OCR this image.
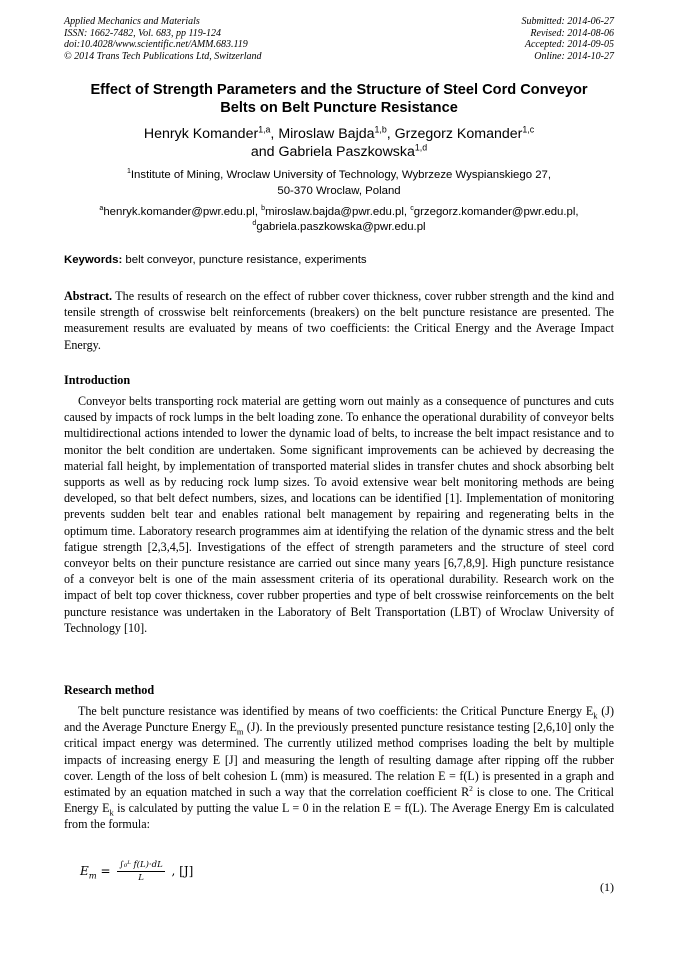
Applied Mechanics and Materials
ISSN: 1662-7482, Vol. 683, pp 119-124
doi:10.4028/www.scientific.net/AMM.683.119
© 2014 Trans Tech Publications Ltd, Switzerland
Submitted: 2014-06-27
Revised: 2014-08-06
Accepted: 2014-09-05
Online: 2014-10-27
Effect of Strength Parameters and the Structure of Steel Cord Conveyor
Belts on Belt Puncture Resistance
Henryk Komander$^{1,a}$, Miroslaw Bajda$^{1,b}$, Grzegorz Komander$^{1,c}$
and Gabriela Paszkowska$^{1,d}$
$^1$Institute of Mining, Wroclaw University of Technology, Wybrzeze Wyspianskiego 27,
50-370 Wroclaw, Poland
$^a$henryk.komander@pwr.edu.pl, $^b$miroslaw.bajda@pwr.edu.pl, $^c$grzegorz.komander@pwr.edu.pl,
$^d$gabriela.paszkowska@pwr.edu.pl
Keywords: belt conveyor, puncture resistance, experiments
Abstract. The results of research on the effect of rubber cover thickness, cover rubber strength and the kind and tensile strength of crosswise belt reinforcements (breakers) on the belt puncture resistance are presented. The measurement results are evaluated by means of two coefficients: the Critical Energy and the Average Impact Energy.
Introduction
Conveyor belts transporting rock material are getting worn out mainly as a consequence of punctures and cuts caused by impacts of rock lumps in the belt loading zone. To enhance the operational durability of conveyor belts multidirectional actions intended to lower the dynamic load of belts, to increase the belt impact resistance and to monitor the belt condition are undertaken. Some significant improvements can be achieved by decreasing the material fall height, by implementation of transported material slides in transfer chutes and shock absorbing belt supports as well as by reducing rock lump sizes. To avoid extensive wear belt monitoring methods are being developed, so that belt defect numbers, sizes, and locations can be identified [1]. Implementation of monitoring prevents sudden belt tear and enables rational belt management by repairing and regenerating belts in the optimum time. Laboratory research programmes aim at identifying the relation of the dynamic stress and the belt fatigue strength [2,3,4,5]. Investigations of the effect of strength parameters and the structure of steel cord conveyor belts on their puncture resistance are carried out since many years [6,7,8,9]. High puncture resistance of a conveyor belt is one of the main assessment criteria of its operational durability. Research work on the impact of belt top cover thickness, cover rubber properties and type of belt crosswise reinforcements on the belt puncture resistance was undertaken in the Laboratory of Belt Transportation (LBT) of Wroclaw University of Technology [10].
Research method
The belt puncture resistance was identified by means of two coefficients: the Critical Puncture Energy $E_k$ (J) and the Average Puncture Energy $E_m$ (J). In the previously presented puncture resistance testing [2,6,10] only the critical impact energy was determined. The currently utilized method comprises loading the belt by multiple impacts of increasing energy E [J] and measuring the length of resulting damage after ripping off the rubber cover. Length of the loss of belt cohesion L (mm) is measured. The relation E = f(L) is presented in a graph and estimated by an equation matched in such a way that the correlation coefficient $R^2$ is close to one. The Critical Energy $E_k$ is calculated by putting the value L = 0 in the relation E = f(L). The Average Energy Em is calculated from the formula:
$E_m = \frac{\text{∫₀ᴸ f(L)·dL}}{L}$ , [J]
(1)
